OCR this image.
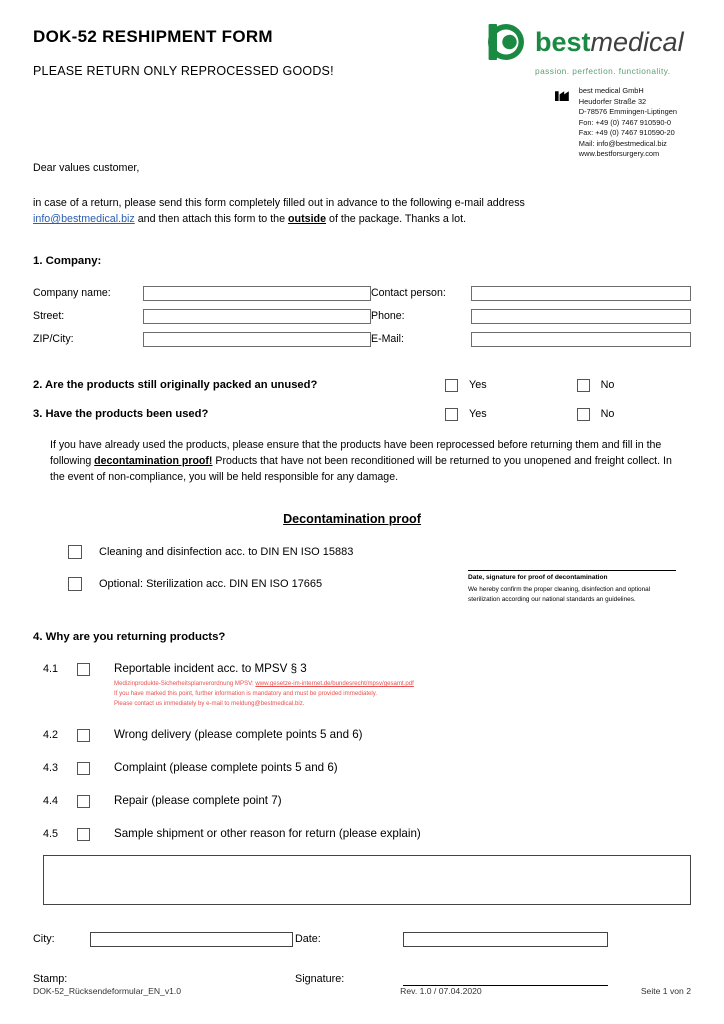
DOK-52 RESHIPMENT FORM
PLEASE RETURN ONLY REPROCESSED GOODS!
bestmedical
passion. perfection. functionality.
best medical GmbH
Heudorfer Straße 32
D-78576 Emmingen-Liptingen
Fon: +49 (0) 7467 910590-0
Fax: +49 (0) 7467 910590-20
Mail: info@bestmedical.biz
www.bestforsurgery.com

Dear values customer,

in case of a return, please send this form completely filled out in advance to the following e-mail address

info@bestmedical.biz and then attach this form to the outside of the package. Thanks a lot.

1. Company:
Company name:	Contact person:
Street:	Phone:
ZIP/City:	E-Mail:
2. Are the products still originally packed an unused?	Yes	No
3. Have the products been used?	Yes	No
If you have already used the products, please ensure that the products have been reprocessed before returning them and fill in the following decontamination proof! Products that have not been reconditioned will be returned to you unopened and freight collect. In the event of non-compliance, you will be held responsible for any damage.
Decontamination proof
Cleaning and disinfection acc. to DIN EN ISO 15883
Optional: Sterilization acc. DIN EN ISO 17665
Date, signature for proof of decontamination
We hereby confirm the proper cleaning, disinfection and optional sterilization according our national standards an guidelines.
4. Why are you returning products?
4.1	Reportable incident acc. to MPSV § 3
Medizinprodukte-Sicherheitsplanverordnung MPSV: www.gesetze-im-internet.de/bundesrecht/mpsv/gesamt.pdf
If you have marked this point, further information is mandatory and must be provided immediately.
Please contact us immediately by e-mail to meldung@bestmedical.biz.
4.2	Wrong delivery (please complete points 5 and 6)
4.3	Complaint (please complete points 5 and 6)
4.4	Repair (please complete point 7)
4.5	Sample shipment or other reason for return (please explain)
City:	Date:
Stamp:	Signature:
DOK-52_Rücksendeformular_EN_v1.0	Rev. 1.0 / 07.04.2020	Seite 1 von 2
